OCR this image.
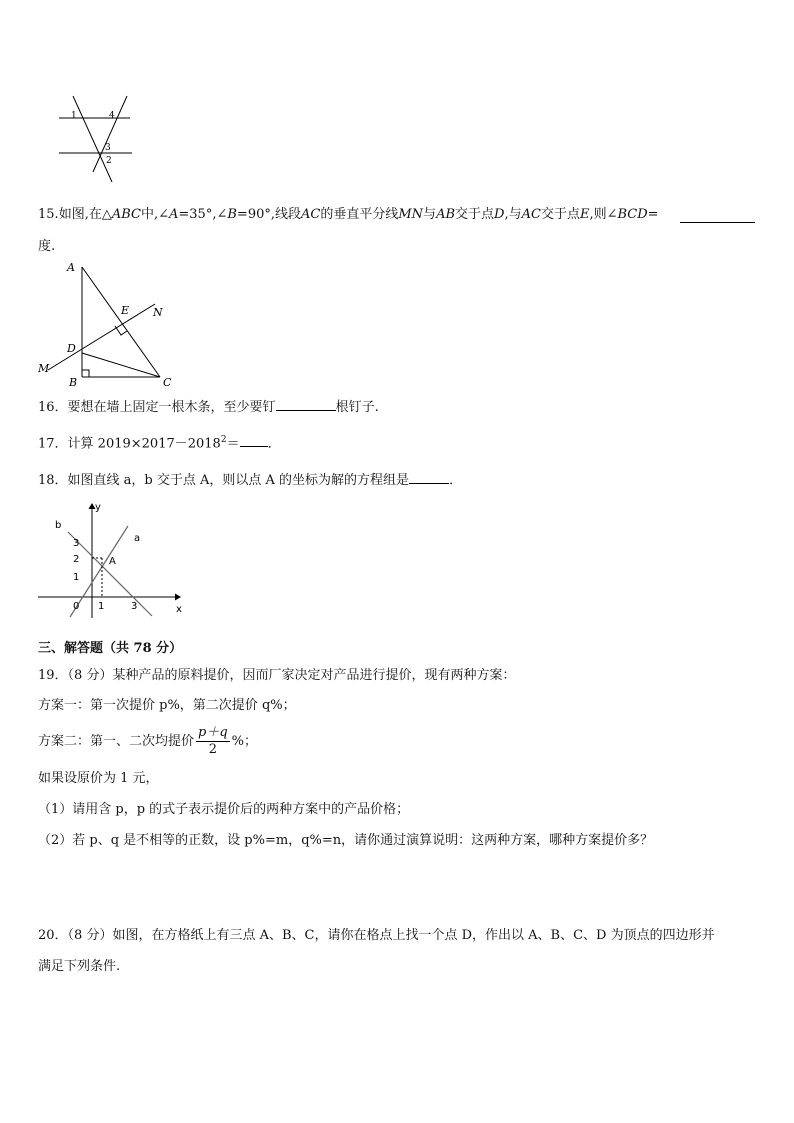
1	4
3
2
15.如图,在△ABC中,∠A=35°,∠B=90°,线段AC的垂直平分线MN与AB交于点D,与AC交于点E,则∠BCD=
度.
A
E N
D
M
B	C
16．要想在墙上固定一根木条，至少要钉	根钉子.
17．计算 $2019\times 2017-2018^2=$ ．
18．如图直线 a，b 交于点 A，则以点 A 的坐标为解的方程组是	．
b
y
a
A
x
0 1	3
1
2
3
三、解答题（共 78 分）
19．（8 分）某种产品的原料提价，因而厂家决定对产品进行提价，现有两种方案：
方案一：第一次提价 p%，第二次提价 q%；
方案二：第一、二次均提价 $\frac{p+q}{2}$ %；
如果设原价为 1 元，
（1）请用含 p，p 的式子表示提价后的两种方案中的产品价格；
（2）若 p、q 是不相等的正数，设 p%=m，q%=n，请你通过演算说明：这两种方案，哪种方案提价多？
20．（8 分）如图，在方格纸上有三点 A、B、C，请你在格点上找一个点 D，作出以 A、B、C、D 为顶点的四边形并
满足下列条件.
